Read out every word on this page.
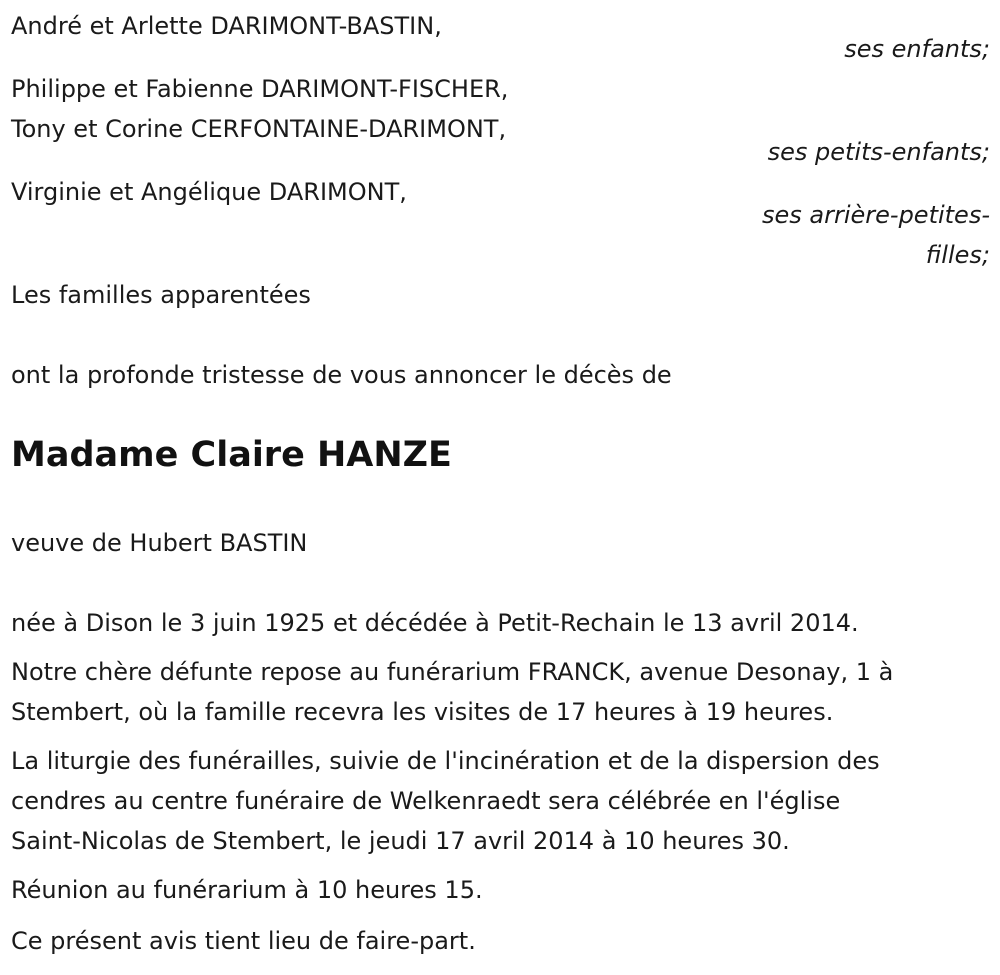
André et Arlette DARIMONT-BASTIN,
ses enfants;
Philippe et Fabienne DARIMONT-FISCHER,
Tony et Corine CERFONTAINE-DARIMONT,
ses petits-enfants;
Virginie et Angélique DARIMONT,
ses arrière-petites-
filles;
Les familles apparentées
ont la profonde tristesse de vous annoncer le décès de
Madame Claire HANZE
veuve de Hubert BASTIN
née à Dison le 3 juin 1925 et décédée à Petit-Rechain le 13 avril 2014.
Notre chère défunte repose au funérarium FRANCK, avenue Desonay, 1 à
Stembert, où la famille recevra les visites de 17 heures à 19 heures.
La liturgie des funérailles, suivie de l'incinération et de la dispersion des
cendres au centre funéraire de Welkenraedt sera célébrée en l'église
Saint-Nicolas de Stembert, le jeudi 17 avril 2014 à 10 heures 30.
Réunion au funérarium à 10 heures 15.
Ce présent avis tient lieu de faire-part.
